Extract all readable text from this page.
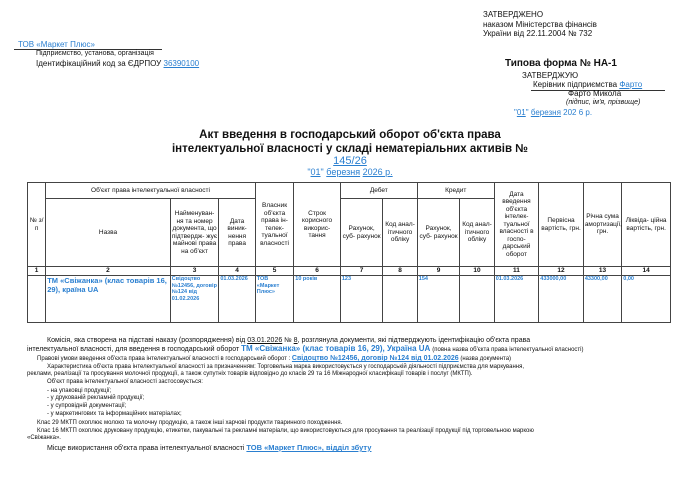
ЗАТВЕРДЖЕНО
наказом Міністерства фінансів
України від 22.11.2004 № 732
ТОВ «Маркет Плюс»
Підприємство, установа, організація
Ідентифікаційний код за ЄДРПОУ 36390100	Типова форма № НА-1
ЗАТВЕРДЖУЮ
Керівник підприємства Фарто
Фарто Микола
(підпис, ім'я, прізвище)
"01" березня 202 6 р.
Акт введення в господарський оборот об'єкта права
інтелектуальної власності у складі нематеріальних активів №
145/26
"01" березня 2026 р.
№ з/п	Об'єкт права інтелектуальної власності			Власник об'єкта права ін- телек- туальної власності	Строк корисного викорис- тання	Дебет		Кредит		Дата введення об'єкта інтелек- туальної власності в госпо- дарський оборот	Первісна вартість, грн.	Річна сума амортизації, грн.	Ліквіда- ційна вартість, грн.
	Назва	Найменуван- ня та номер документа, що підтвердж- жує майнові права на об'єкт	Дата виник- нення права			Рахунок, суб- рахунок	Код анал- ітичного обліку	Рахунок, суб- рахунок	Код анал- ітичного обліку				

1	2	3	4	5	6	7	8	9	10	11	12	13	14
	ТМ «Свіжанка» (клас товарів 16, 29), країна UA	Свідоцтво №12456, договір №124 від 01.02.2026	01.03.2026	ТОВ «Маркет Плюс»	10 років	123		154		01.03.2026	433000,00	43300,00	0,00
Комісія, яка створена на підставі наказу (розпорядження) від 03.01.2026 № 8, розглянула документи, які підтверджують ідентифікацію об'єкта права
інтелектуальної власності, для введення в господарський оборот ТМ «Свіжанка» (клас товарів 16, 29), Україна UA (повна назва об'єкта права інтелектуальної власності)
Правові умови введення об'єкта права інтелектуальної власності в господарський оборот : Свідоцтво №12456, договір №124 від 01.02.2026 (назва документа)
Характеристика об'єкта права інтелектуальної власності за призначенням: Торговельна марка використовується у господарській діяльності підприємства для маркування,
реклами, реалізації та просування молочної продукції, а також супутніх товарів відповідно до класів 29 та 16 Міжнародної класифікації товарів і послуг (МКТП).
Об'єкт права інтелектуальної власності застосовується:
- на упаковці продукції;
- у друкованій рекламній продукції;
- у супровідній документації;
- у маркетингових та інформаційних матеріалах;
Клас 29 МКТП охоплює молоко та молочну продукцію, а також інші харчові продукти тваринного походження.
Клас 16 МКТП охоплює друковану продукцію, етикетки, пакувальні та рекламні матеріали, що використовуються для просування та реалізації продукції під торговельною маркою
«Свіжанка».
Місце використання об'єкта права інтелектуальної власності ТОВ «Маркет Плюс», відділ збуту
